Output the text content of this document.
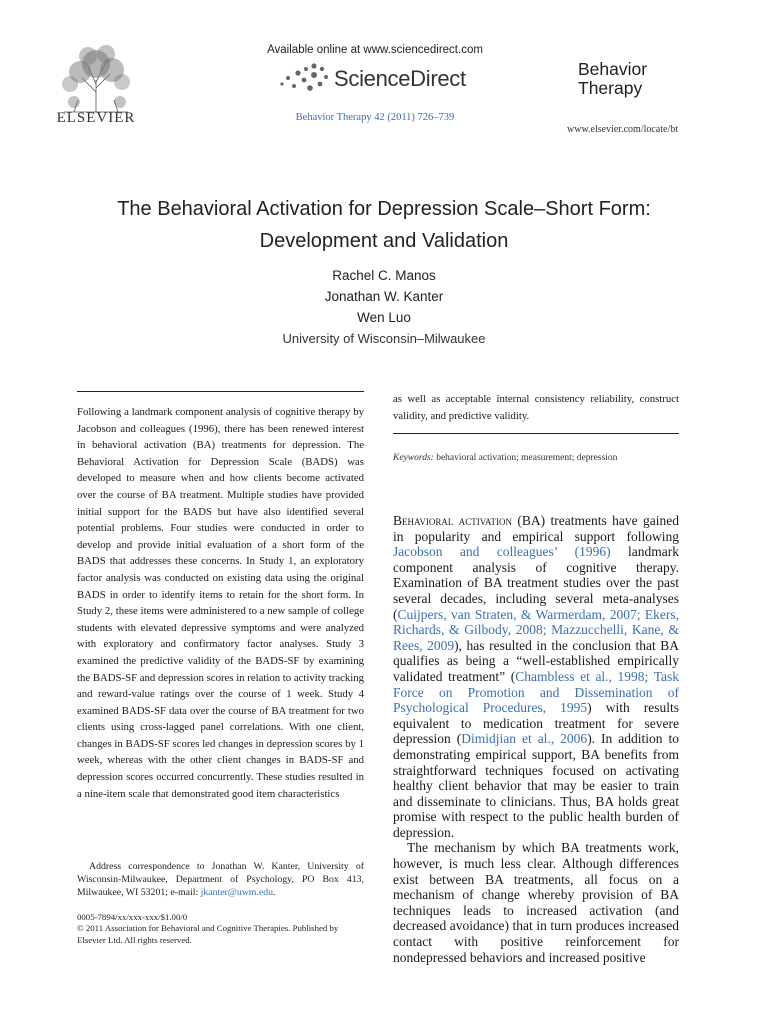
ELSEVIER
Available online at www.sciencedirect.com
ScienceDirect
Behavior Therapy 42 (2011) 726–739
Behavior
Therapy
www.elsevier.com/locate/bt
The Behavioral Activation for Depression Scale–Short Form:
Development and Validation
Rachel C. Manos
Jonathan W. Kanter
Wen Luo
University of Wisconsin–Milwaukee
Following a landmark component analysis of cognitive therapy by Jacobson and colleagues (1996), there has been renewed interest in behavioral activation (BA) treatments for depression. The Behavioral Activation for Depression Scale (BADS) was developed to measure when and how clients become activated over the course of BA treatment. Multiple studies have provided initial support for the BADS but have also identified several potential problems. Four studies were conducted in order to develop and provide initial evaluation of a short form of the BADS that addresses these concerns. In Study 1, an exploratory factor analysis was conducted on existing data using the original BADS in order to identify items to retain for the short form. In Study 2, these items were administered to a new sample of college students with elevated depressive symptoms and were analyzed with exploratory and confirmatory factor analyses. Study 3 examined the predictive validity of the BADS-SF by examining the BADS-SF and depression scores in relation to activity tracking and reward-value ratings over the course of 1 week. Study 4 examined BADS-SF data over the course of BA treatment for two clients using cross-lagged panel correlations. With one client, changes in BADS-SF scores led changes in depression scores by 1 week, whereas with the other client changes in BADS-SF and depression scores occurred concurrently. These studies resulted in a nine-item scale that demonstrated good item characteristics
Address correspondence to Jonathan W. Kanter, University of Wisconsin-Milwaukee, Department of Psychology, PO Box 413, Milwaukee, WI 53201; e-mail: jkanter@uwm.edu.
0005-7894/xx/xxx-xxx/$1.00/0
© 2011 Association for Behavioral and Cognitive Therapies. Published by Elsevier Ltd. All rights reserved.
as well as acceptable internal consistency reliability, construct validity, and predictive validity.
Keywords: behavioral activation; measurement; depression

Behavioral activation (BA) treatments have gained in popularity and empirical support following Jacobson and colleagues’ (1996) landmark component analysis of cognitive therapy. Examination of BA treatment studies over the past several decades, including several meta-analyses (Cuijpers, van Straten, & Warmerdam, 2007; Ekers, Richards, & Gilbody, 2008; Mazzucchelli, Kane, & Rees, 2009), has resulted in the conclusion that BA qualifies as being a “well-established empirically validated treatment” (Chambless et al., 1998; Task Force on Promotion and Dissemination of Psychological Procedures, 1995) with results equivalent to medication treatment for severe depression (Dimidjian et al., 2006). In addition to demonstrating empirical support, BA benefits from straightforward techniques focused on activating healthy client behavior that may be easier to train and disseminate to clinicians. Thus, BA holds great promise with respect to the public health burden of depression.

The mechanism by which BA treatments work, however, is much less clear. Although differences exist between BA treatments, all focus on a mechanism of change whereby provision of BA techniques leads to increased activation (and decreased avoidance) that in turn produces increased contact with positive reinforcement for nondepressed behaviors and increased positive
